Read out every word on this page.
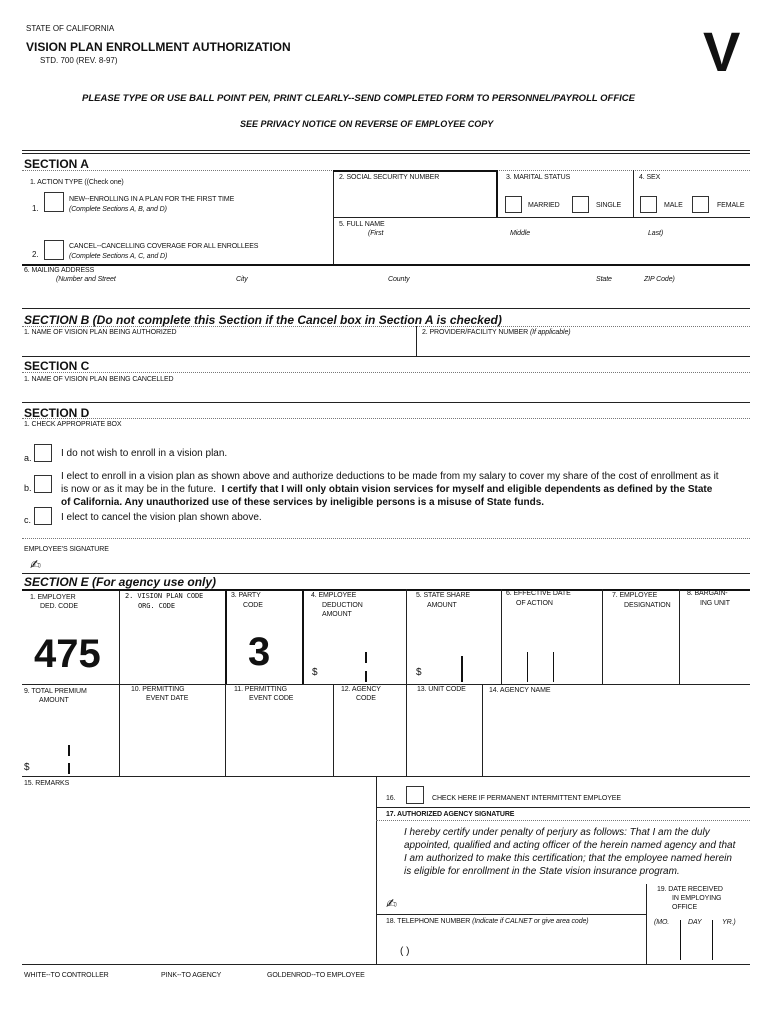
STATE OF CALIFORNIA
VISION PLAN ENROLLMENT AUTHORIZATION
STD. 700 (REV. 8-97)	V
PLEASE TYPE OR USE BALL POINT PEN, PRINT CLEARLY--SEND COMPLETED FORM TO PERSONNEL/PAYROLL OFFICE
SEE PRIVACY NOTICE ON REVERSE OF EMPLOYEE COPY
SECTION A
1. ACTION TYPE ((Check one)
1.
NEW--ENROLLING IN A PLAN FOR THE FIRST TIME
(Complete Sections A, B, and D)
2.
CANCEL--CANCELLING COVERAGE FOR ALL ENROLLEES
(Complete Sections A, C, and D)
2. SOCIAL SECURITY NUMBER	3. MARITAL STATUS
MARRIED	SINGLE
4. SEX
MALE	FEMALE
5. FULL NAME
(First	Middle	Last)
6. MAILING ADDRESS
(Number and Street	City	County	State	ZIP Code)
SECTION B (Do not complete this Section if the Cancel box in Section A is checked)
1. NAME OF VISION PLAN BEING AUTHORIZED	2. PROVIDER/FACILITY NUMBER (If applicable)
SECTION C
1. NAME OF VISION PLAN BEING CANCELLED
SECTION D
1. CHECK APPROPRIATE BOX
a.	I do not wish to enroll in a vision plan.
b.
I elect to enroll in a vision plan as shown above and authorize deductions to be made from my salary to cover my share of the cost of enrollment as it
is now or as it may be in the future. I certify that I will only obtain vision services for myself and eligible dependents as defined by the State
of California. Any unauthorized use of these services by ineligible persons is a misuse of State funds.
c.	I elect to cancel the vision plan shown above.
EMPLOYEE'S SIGNATURE
✍
SECTION E (For agency use only)
1. EMPLOYER
DED. CODE
475
2. VISION PLAN CODE
ORG. CODE
3. PARTY
CODE
3
4. EMPLOYEE
DEDUCTION
AMOUNT
$
5. STATE SHARE
AMOUNT
$
6. EFFECTIVE DATE
OF ACTION
7. EMPLOYEE
DESIGNATION
8. BARGAIN-
ING UNIT
9. TOTAL PREMIUM
AMOUNT
$
10. PERMITTING
EVENT DATE
11. PERMITTING
EVENT CODE
12. AGENCY
CODE
13. UNIT CODE	14. AGENCY NAME
15. REMARKS
16.	CHECK HERE IF PERMANENT INTERMITTENT EMPLOYEE
17. AUTHORIZED AGENCY SIGNATURE
I hereby certify under penalty of perjury as follows: That I am the duly
appointed, qualified and acting officer of the herein named agency and that
I am authorized to make this certification; that the employee named herein
is eligible for enrollment in the State vision insurance program.
✍
18. TELEPHONE NUMBER (Indicate if CALNET or give area code)
( )
19. DATE RECEIVED
IN EMPLOYING
OFFICE
(MO.	DAY	YR.)
WHITE--TO CONTROLLER	PINK--TO AGENCY	GOLDENROD--TO EMPLOYEE
